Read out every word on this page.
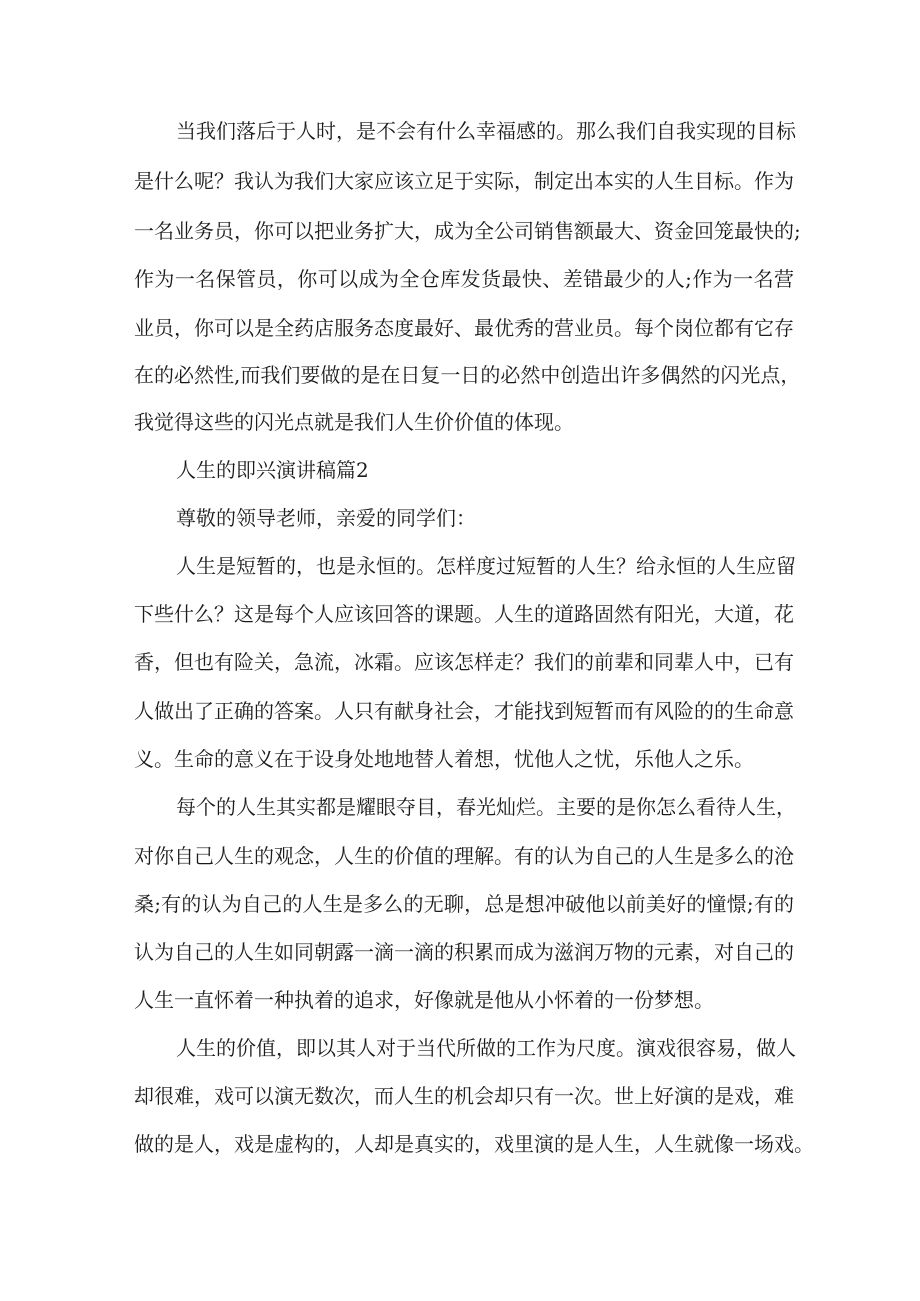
当我们落后于人时，是不会有什么幸福感的。那么我们自我实现的目标

是什么呢？我认为我们大家应该立足于实际，制定出本实的人生目标。作为

一名业务员，你可以把业务扩大，成为全公司销售额最大、资金回笼最快的;

作为一名保管员，你可以成为全仓库发货最快、差错最少的人;作为一名营

业员，你可以是全药店服务态度最好、最优秀的营业员。每个岗位都有它存

在的必然性,而我们要做的是在日复一日的必然中创造出许多偶然的闪光点，

我觉得这些的闪光点就是我们人生价价值的体现。

人生的即兴演讲稿篇2

尊敬的领导老师，亲爱的同学们：

人生是短暂的，也是永恒的。怎样度过短暂的人生？给永恒的人生应留

下些什么？这是每个人应该回答的课题。人生的道路固然有阳光，大道，花

香，但也有险关，急流，冰霜。应该怎样走？我们的前辈和同辈人中，已有

人做出了正确的答案。人只有献身社会，才能找到短暂而有风险的的生命意

义。生命的意义在于设身处地地替人着想，忧他人之忧，乐他人之乐。

每个的人生其实都是耀眼夺目，春光灿烂。主要的是你怎么看待人生，

对你自己人生的观念，人生的价值的理解。有的认为自己的人生是多么的沧

桑;有的认为自己的人生是多么的无聊，总是想冲破他以前美好的憧憬;有的

认为自己的人生如同朝露一滴一滴的积累而成为滋润万物的元素，对自己的

人生一直怀着一种执着的追求，好像就是他从小怀着的一份梦想。

人生的价值，即以其人对于当代所做的工作为尺度。演戏很容易，做人

却很难，戏可以演无数次，而人生的机会却只有一次。世上好演的是戏，难

做的是人，戏是虚构的，人却是真实的，戏里演的是人生，人生就像一场戏。
